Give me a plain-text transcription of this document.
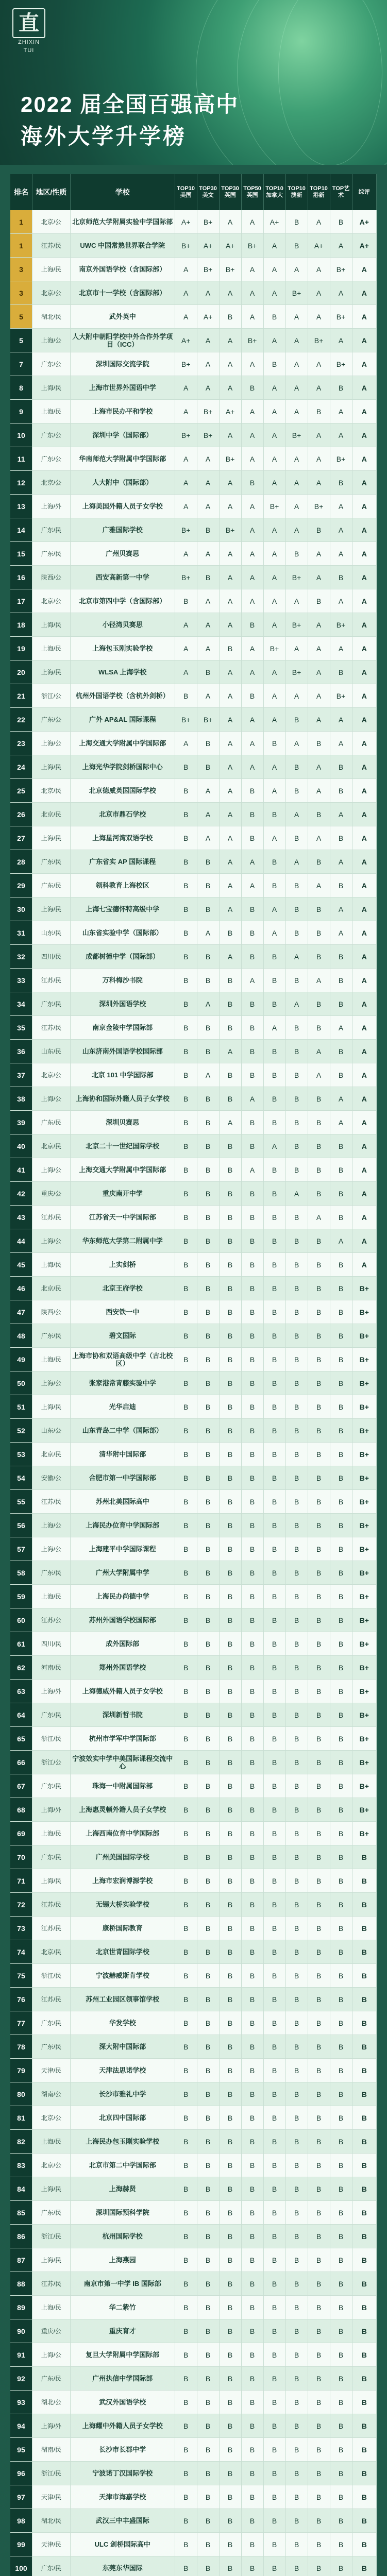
直
ZHIXIN TUI
2022 届全国百强高中
海外大学升学榜
排名	地区/性质	学校	TOP10美国	TOP30美文	TOP30英国	TOP50英国	TOP10加拿大	TOP10澳新	TOP10港新	TOP艺术	综评
1	北京/公	北京师范大学附属实验中学国际部	A+	B+	A	A	A+	B	A	B	A+
1	江苏/民	UWC 中国常熟世界联合学院	B+	A+	A+	B+	A	B	A+	A	A+
3	上海/民	南京外国语学校（含国际部）	A	B+	B+	A	A	A	A	B+	A
3	北京/公	北京市十一学校（含国际部）	A	A	A	A	A	B+	A	A	A
5	湖北/民	武外英中	A	A+	B	A	B	A	A	B+	A
5	上海/公	人大附中朝阳学校中外合作外学项目（ICC）	A+	A	A	B+	A	A	B+	A	A
7	广东/公	深圳国际交流学院	B+	A	A	A	B	A	A	B+	A
8	上海/民	上海市世界外国语中学	A	A	A	B	A	A	A	B	A
9	上海/民	上海市民办平和学校	A	B+	A+	A	A	A	B	A	A
10	广东/公	深圳中学（国际部）	B+	B+	A	A	A	B+	A	A	A
11	广东/公	华南师范大学附属中学国际部	A	A	B+	A	A	A	A	B+	A
12	北京/公	人大附中（国际部）	A	A	A	B	A	A	A	B	A
13	上海/外	上海美国外籍人员子女学校	A	A	A	A	B+	A	B+	A	A
14	广东/民	广雅国际学校	B+	B	B+	A	A	A	B	A	A
15	广东/民	广州贝赛思	A	A	A	A	A	B	A	A	A
16	陕西/公	西安高新第一中学	B+	B	A	A	A	B+	A	B	A
17	北京/公	北京市第四中学（含国际部）	B	A	A	A	A	A	B	A	A
18	上海/民	小径湾贝赛思	A	A	A	B	A	B+	A	B+	A
19	上海/民	上海包玉刚实验学校	A	A	B	A	B+	A	A	A	A
20	上海/民	WLSA 上海学校	A	B	A	A	A	B+	A	B	A
21	浙江/公	杭州外国语学校（含杭外剑桥）	B	A	A	B	A	A	A	B+	A
22	广东/公	广外 AP&AL 国际课程	B+	B+	A	A	A	B	A	A	A
23	上海/公	上海交通大学附属中学国际部	A	B	A	A	B	A	B	A	A
24	上海/民	上海光华学院剑桥国际中心	B	B	A	A	A	B	A	B	A
25	北京/民	北京德威英国国际学校	B	A	A	B	A	B	A	B	A
26	北京/民	北京市鼎石学校	B	A	A	B	B	A	B	A	A
27	上海/民	上海星河湾双语学校	B	A	A	B	A	B	A	B	A
28	广东/民	广东省实 AP 国际课程	B	B	A	A	B	A	B	A	A
29	广东/民	领科教育上海校区	B	B	A	A	B	B	A	B	A
30	上海/民	上海七宝德怀特高级中学	B	B	A	B	A	B	B	A	A
31	山东/民	山东省实验中学（国际部）	B	A	B	B	A	B	B	A	A
32	四川/民	成都树德中学（国际部）	B	B	A	B	B	A	B	B	A
33	江苏/民	万科梅沙书院	B	B	B	A	B	B	A	B	A
34	广东/民	深圳外国语学校	B	A	B	B	B	A	B	B	A
35	江苏/民	南京金陵中学国际部	B	B	B	B	A	B	B	A	A
36	山东/民	山东济南外国语学校国际部	B	B	A	B	B	B	A	B	A
37	北京/公	北京 101 中学国际部	B	A	B	B	B	B	A	B	A
38	上海/公	上海协和国际外籍人员子女学校	B	B	B	A	B	B	B	A	A
39	广东/民	深圳贝赛思	B	B	A	B	B	B	B	A	A
40	北京/民	北京二十一世纪国际学校	B	B	B	B	A	B	B	B	A
41	上海/公	上海交通大学附属中学国际部	B	B	B	A	B	B	B	B	A
42	重庆/公	重庆南开中学	B	B	B	B	B	A	B	B	A
43	江苏/民	江苏省天一中学国际部	B	B	B	B	B	B	A	B	A
44	上海/公	华东师范大学第二附属中学	B	B	B	B	B	B	B	A	A
45	上海/民	上实剑桥	B	B	B	B	B	B	B	B	A
46	北京/民	北京王府学校	B	B	B	B	B	B	B	B	B+
47	陕西/公	西安铁一中	B	B	B	B	B	B	B	B	B+
48	广东/民	碧文国际	B	B	B	B	B	B	B	B	B+
49	上海/民	上海市协和双语高级中学（古北校区）	B	B	B	B	B	B	B	B	B+
50	上海/公	张家港常青藤实验中学	B	B	B	B	B	B	B	B	B+
51	上海/民	光华启迪	B	B	B	B	B	B	B	B	B+
52	山东/公	山东青岛二中学（国际部）	B	B	B	B	B	B	B	B	B+
53	北京/民	清华附中国际部	B	B	B	B	B	B	B	B	B+
54	安徽/公	合肥市第一中学国际部	B	B	B	B	B	B	B	B	B+
55	江苏/民	苏州北美国际高中	B	B	B	B	B	B	B	B	B+
56	上海/公	上海民办位育中学国际部	B	B	B	B	B	B	B	B	B+
57	上海/公	上海建平中学国际课程	B	B	B	B	B	B	B	B	B+
58	广东/民	广州大学附属中学	B	B	B	B	B	B	B	B	B+
59	上海/民	上海民办尚德中学	B	B	B	B	B	B	B	B	B+
60	江苏/公	苏州外国语学校国际部	B	B	B	B	B	B	B	B	B+
61	四川/民	成外国际部	B	B	B	B	B	B	B	B	B+
62	河南/民	郑州外国语学校	B	B	B	B	B	B	B	B	B+
63	上海/外	上海德威外籍人员子女学校	B	B	B	B	B	B	B	B	B+
64	广东/民	深圳新哲书院	B	B	B	B	B	B	B	B	B+
65	浙江/民	杭州市学军中学国际部	B	B	B	B	B	B	B	B	B+
66	浙江/公	宁波效实中学中美国际课程交流中心	B	B	B	B	B	B	B	B	B+
67	广东/民	珠海一中附属国际部	B	B	B	B	B	B	B	B	B+
68	上海/外	上海惠灵顿外籍人员子女学校	B	B	B	B	B	B	B	B	B+
69	上海/民	上海西南位育中学国际部	B	B	B	B	B	B	B	B	B+
70	广东/民	广州美国国际学校	B	B	B	B	B	B	B	B	B
71	上海/民	上海市宏润博源学校	B	B	B	B	B	B	B	B	B
72	江苏/民	无锡大桥实验学校	B	B	B	B	B	B	B	B	B
73	江苏/民	康桥国际教育	B	B	B	B	B	B	B	B	B
74	北京/民	北京世青国际学校	B	B	B	B	B	B	B	B	B
75	浙江/民	宁波赫威斯肯学校	B	B	B	B	B	B	B	B	B
76	江苏/民	苏州工业园区领事馆学校	B	B	B	B	B	B	B	B	B
77	广东/民	华发学校	B	B	B	B	B	B	B	B	B
78	广东/民	深大附中国际部	B	B	B	B	B	B	B	B	B
79	天津/民	天津法思诺学校	B	B	B	B	B	B	B	B	B
80	湖南/公	长沙市雅礼中学	B	B	B	B	B	B	B	B	B
81	北京/公	北京四中国际部	B	B	B	B	B	B	B	B	B
82	上海/民	上海民办包玉刚实验学校	B	B	B	B	B	B	B	B	B
83	北京/公	北京市第二中学国际部	B	B	B	B	B	B	B	B	B
84	上海/民	上海赫贤	B	B	B	B	B	B	B	B	B
85	广东/民	深圳国际预科学院	B	B	B	B	B	B	B	B	B
86	浙江/民	杭州国际学校	B	B	B	B	B	B	B	B	B
87	上海/民	上海燕园	B	B	B	B	B	B	B	B	B
88	江苏/民	南京市第一中学 IB 国际部	B	B	B	B	B	B	B	B	B
89	上海/民	华二紫竹	B	B	B	B	B	B	B	B	B
90	重庆/公	重庆育才	B	B	B	B	B	B	B	B	B
91	上海/公	复旦大学附属中学国际部	B	B	B	B	B	B	B	B	B
92	广东/民	广州执信中学国际部	B	B	B	B	B	B	B	B	B
93	湖北/公	武汉外国语学校	B	B	B	B	B	B	B	B	B
94	上海/外	上海耀中外籍人员子女学校	B	B	B	B	B	B	B	B	B
95	湖南/民	长沙市长郡中学	B	B	B	B	B	B	B	B	B
96	浙江/民	宁波诺丁汉国际学校	B	B	B	B	B	B	B	B	B
97	天津/民	天津市海嘉学校	B	B	B	B	B	B	B	B	B
98	湖北/民	武汉三中丰盛国际	B	B	B	B	B	B	B	B	B
99	天津/民	ULC 剑桥国际高中	B	B	B	B	B	B	B	B	B
100	广东/民	东莞东华国际	B	B	B	B	B	B	B	B	B
